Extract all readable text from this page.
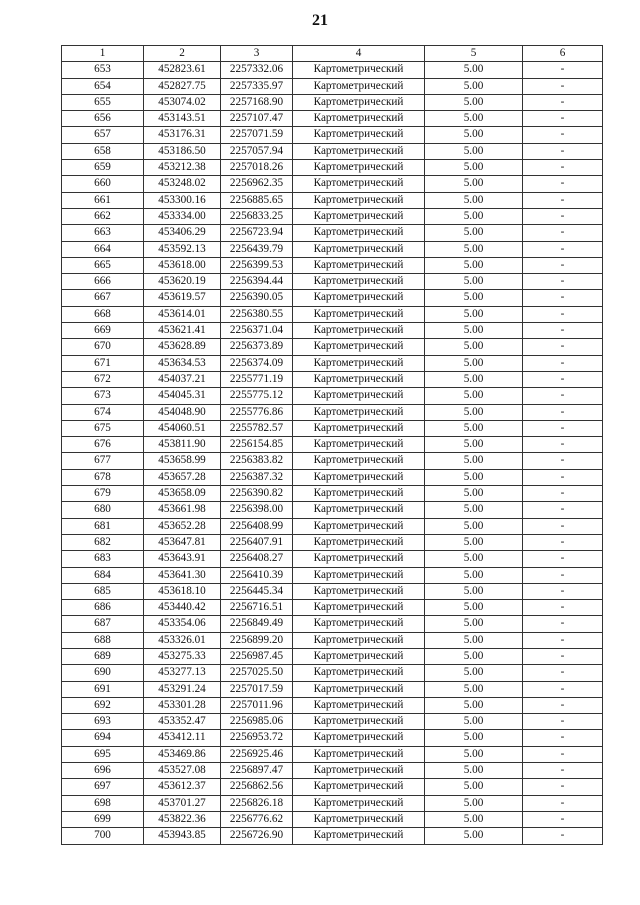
21
1	2	3	4	5	6
653	452823.61	2257332.06	Картометрический	5.00	-
654	452827.75	2257335.97	Картометрический	5.00	-
655	453074.02	2257168.90	Картометрический	5.00	-
656	453143.51	2257107.47	Картометрический	5.00	-
657	453176.31	2257071.59	Картометрический	5.00	-
658	453186.50	2257057.94	Картометрический	5.00	-
659	453212.38	2257018.26	Картометрический	5.00	-
660	453248.02	2256962.35	Картометрический	5.00	-
661	453300.16	2256885.65	Картометрический	5.00	-
662	453334.00	2256833.25	Картометрический	5.00	-
663	453406.29	2256723.94	Картометрический	5.00	-
664	453592.13	2256439.79	Картометрический	5.00	-
665	453618.00	2256399.53	Картометрический	5.00	-
666	453620.19	2256394.44	Картометрический	5.00	-
667	453619.57	2256390.05	Картометрический	5.00	-
668	453614.01	2256380.55	Картометрический	5.00	-
669	453621.41	2256371.04	Картометрический	5.00	-
670	453628.89	2256373.89	Картометрический	5.00	-
671	453634.53	2256374.09	Картометрический	5.00	-
672	454037.21	2255771.19	Картометрический	5.00	-
673	454045.31	2255775.12	Картометрический	5.00	-
674	454048.90	2255776.86	Картометрический	5.00	-
675	454060.51	2255782.57	Картометрический	5.00	-
676	453811.90	2256154.85	Картометрический	5.00	-
677	453658.99	2256383.82	Картометрический	5.00	-
678	453657.28	2256387.32	Картометрический	5.00	-
679	453658.09	2256390.82	Картометрический	5.00	-
680	453661.98	2256398.00	Картометрический	5.00	-
681	453652.28	2256408.99	Картометрический	5.00	-
682	453647.81	2256407.91	Картометрический	5.00	-
683	453643.91	2256408.27	Картометрический	5.00	-
684	453641.30	2256410.39	Картометрический	5.00	-
685	453618.10	2256445.34	Картометрический	5.00	-
686	453440.42	2256716.51	Картометрический	5.00	-
687	453354.06	2256849.49	Картометрический	5.00	-
688	453326.01	2256899.20	Картометрический	5.00	-
689	453275.33	2256987.45	Картометрический	5.00	-
690	453277.13	2257025.50	Картометрический	5.00	-
691	453291.24	2257017.59	Картометрический	5.00	-
692	453301.28	2257011.96	Картометрический	5.00	-
693	453352.47	2256985.06	Картометрический	5.00	-
694	453412.11	2256953.72	Картометрический	5.00	-
695	453469.86	2256925.46	Картометрический	5.00	-
696	453527.08	2256897.47	Картометрический	5.00	-
697	453612.37	2256862.56	Картометрический	5.00	-
698	453701.27	2256826.18	Картометрический	5.00	-
699	453822.36	2256776.62	Картометрический	5.00	-
700	453943.85	2256726.90	Картометрический	5.00	-
